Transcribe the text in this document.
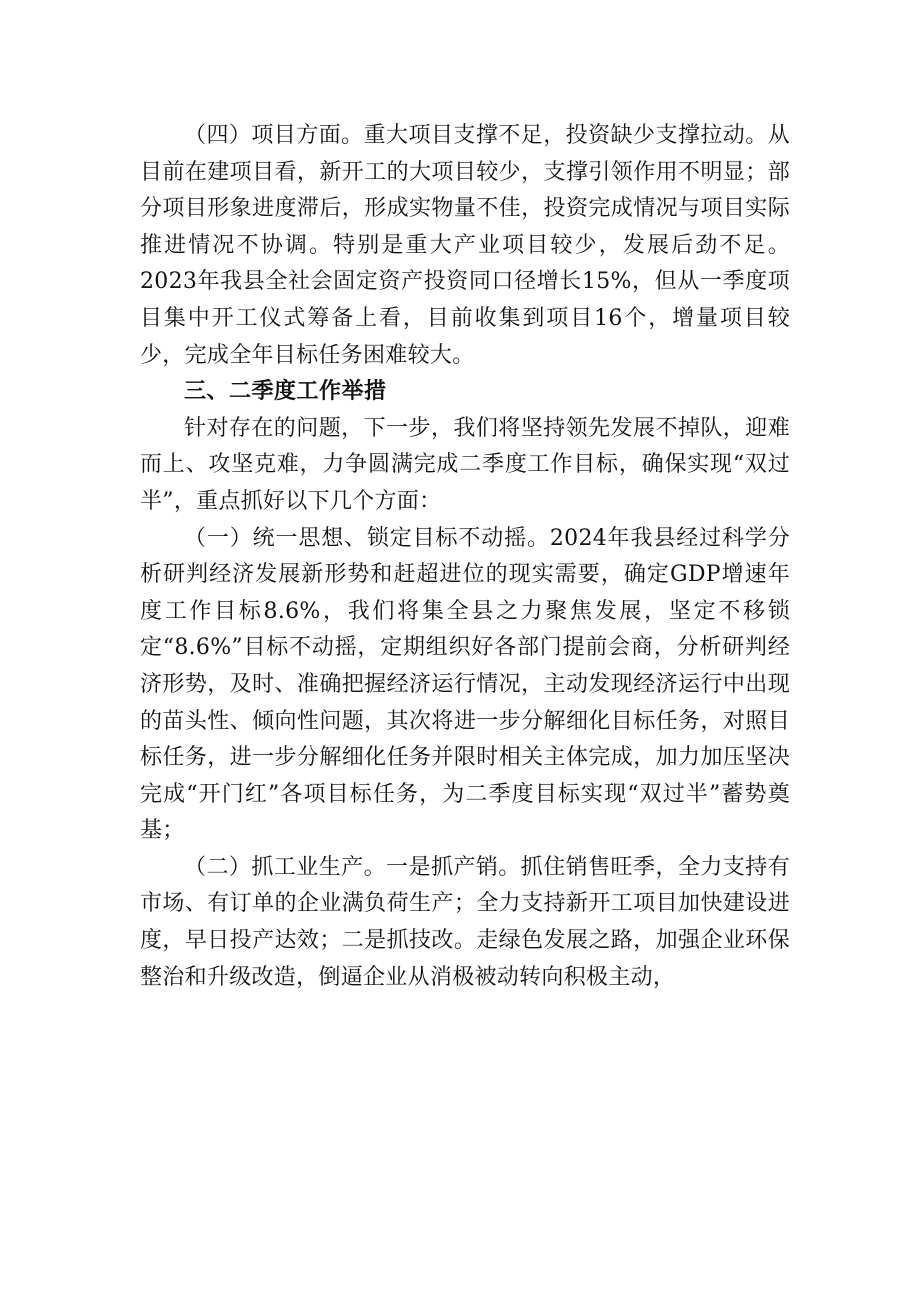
（四）项目方面。重大项目支撑不足，投资缺少支撑拉动。从目前在建项目看，新开工的大项目较少，支撑引领作用不明显；部分项目形象进度滞后，形成实物量不佳，投资完成情况与项目实际推进情况不协调。特别是重大产业项目较少，发展后劲不足。2023年我县全社会固定资产投资同口径增长15%，但从一季度项目集中开工仪式筹备上看，目前收集到项目16个，增量项目较少，完成全年目标任务困难较大。

三、二季度工作举措

针对存在的问题，下一步，我们将坚持领先发展不掉队，迎难而上、攻坚克难，力争圆满完成二季度工作目标，确保实现“双过半”，重点抓好以下几个方面：

（一）统一思想、锁定目标不动摇。2024年我县经过科学分析研判经济发展新形势和赶超进位的现实需要，确定GDP增速年度工作目标8.6%，我们将集全县之力聚焦发展，坚定不移锁定“8.6%”目标不动摇，定期组织好各部门提前会商，分析研判经济形势，及时、准确把握经济运行情况，主动发现经济运行中出现的苗头性、倾向性问题，其次将进一步分解细化目标任务，对照目标任务，进一步分解细化任务并限时相关主体完成，加力加压坚决完成“开门红”各项目标任务，为二季度目标实现“双过半”蓄势奠基；

（二）抓工业生产。一是抓产销。抓住销售旺季，全力支持有市场、有订单的企业满负荷生产；全力支持新开工项目加快建设进度，早日投产达效；二是抓技改。走绿色发展之路，加强企业环保整治和升级改造，倒逼企业从消极被动转向积极主动，
